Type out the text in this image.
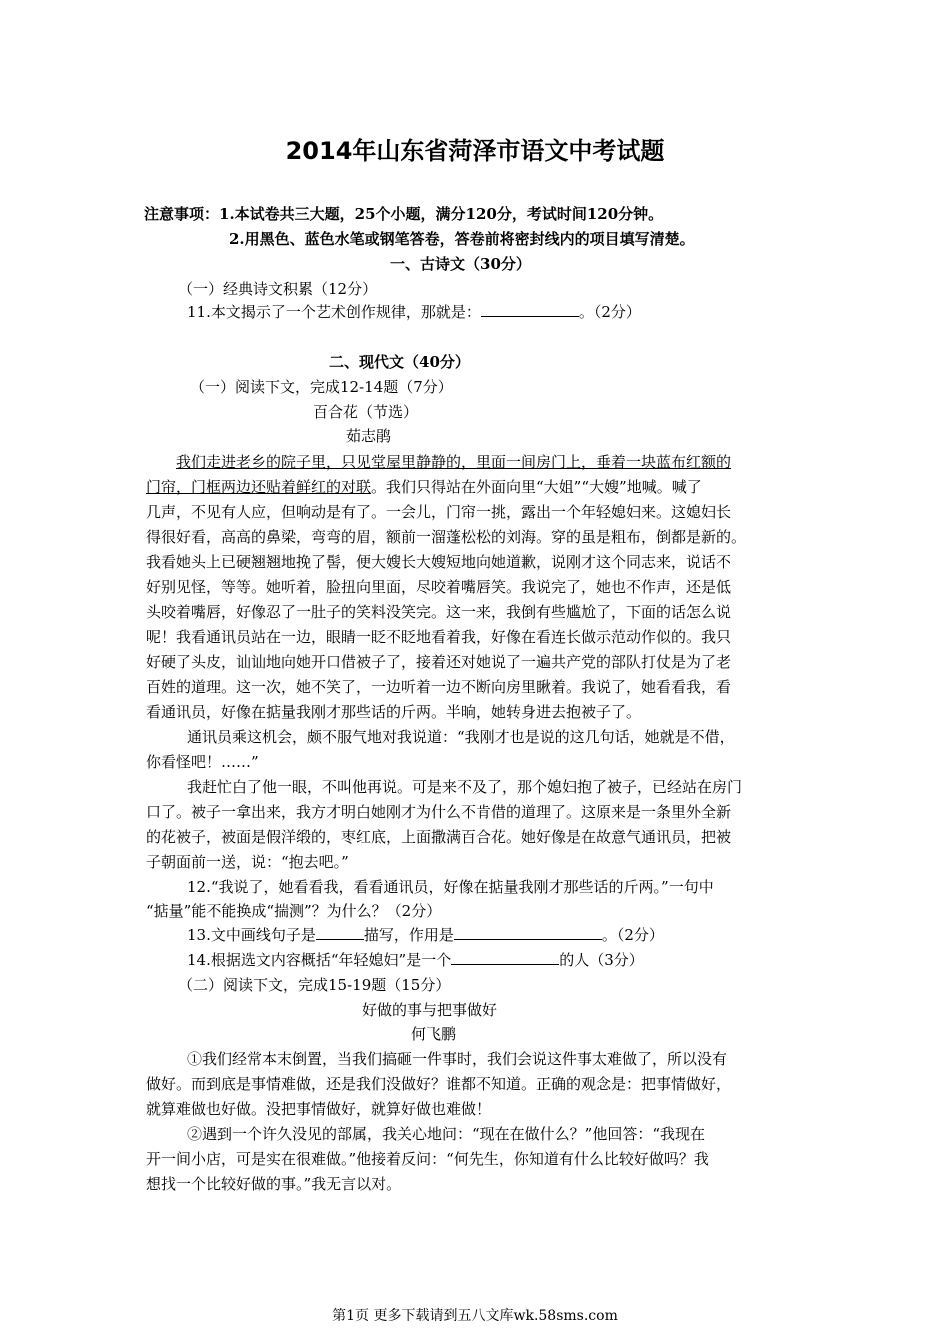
2014年山东省菏泽市语文中考试题
注意事项：1.本试卷共三大题，25个小题，满分120分，考试时间120分钟。
2.用黑色、蓝色水笔或钢笔答卷，答卷前将密封线内的项目填写清楚。
一、古诗文（30分）
（一）经典诗文积累（12分）
11.本文揭示了一个艺术创作规律，那就是：	。（2分）
二、现代文（40分）
（一）阅读下文，完成12-14题（7分）
百合花（节选）
茹志鹃
我们走进老乡的院子里，只见堂屋里静静的，里面一间房门上，垂着一块蓝布红额的
门帘，门框两边还贴着鲜红的对联。我们只得站在外面向里“大姐”“大嫂”地喊。喊了
几声，不见有人应，但响动是有了。一会儿，门帘一挑，露出一个年轻媳妇来。这媳妇长
得很好看，高高的鼻梁，弯弯的眉，额前一溜蓬松松的刘海。穿的虽是粗布，倒都是新的。
我看她头上已硬翘翘地挽了髻，便大嫂长大嫂短地向她道歉，说刚才这个同志来，说话不
好别见怪，等等。她听着，脸扭向里面，尽咬着嘴唇笑。我说完了，她也不作声，还是低
头咬着嘴唇，好像忍了一肚子的笑料没笑完。这一来，我倒有些尴尬了，下面的话怎么说
呢！我看通讯员站在一边，眼睛一眨不眨地看着我，好像在看连长做示范动作似的。我只
好硬了头皮，讪讪地向她开口借被子了，接着还对她说了一遍共产党的部队打仗是为了老
百姓的道理。这一次，她不笑了，一边听着一边不断向房里瞅着。我说了，她看看我，看
看通讯员，好像在掂量我刚才那些话的斤两。半晌，她转身进去抱被子了。
通讯员乘这机会，颇不服气地对我说道：“我刚才也是说的这几句话，她就是不借，
你看怪吧！……”
我赶忙白了他一眼，不叫他再说。可是来不及了，那个媳妇抱了被子，已经站在房门
口了。被子一拿出来，我方才明白她刚才为什么不肯借的道理了。这原来是一条里外全新
的花被子，被面是假洋缎的，枣红底，上面撒满百合花。她好像是在故意气通讯员，把被
子朝面前一送，说：“抱去吧。”
12.“我说了，她看看我，看看通讯员，好像在掂量我刚才那些话的斤两。”一句中
“掂量”能不能换成“揣测”？为什么？（2分）
13.文中画线句子是	描写，作用是	。（2分）
14.根据选文内容概括“年轻媳妇”是一个	的人（3分）
（二）阅读下文，完成15-19题（15分）
好做的事与把事做好
何飞鹏
①我们经常本末倒置，当我们搞砸一件事时，我们会说这件事太难做了，所以没有
做好。而到底是事情难做，还是我们没做好？谁都不知道。正确的观念是：把事情做好，
就算难做也好做。没把事情做好，就算好做也难做！
②遇到一个许久没见的部属，我关心地问：“现在在做什么？”他回答：“我现在
开一间小店，可是实在很难做。”他接着反问：“何先生，你知道有什么比较好做吗？我
想找一个比较好做的事。”我无言以对。
第1页 更多下载请到五八文库wk.58sms.com
